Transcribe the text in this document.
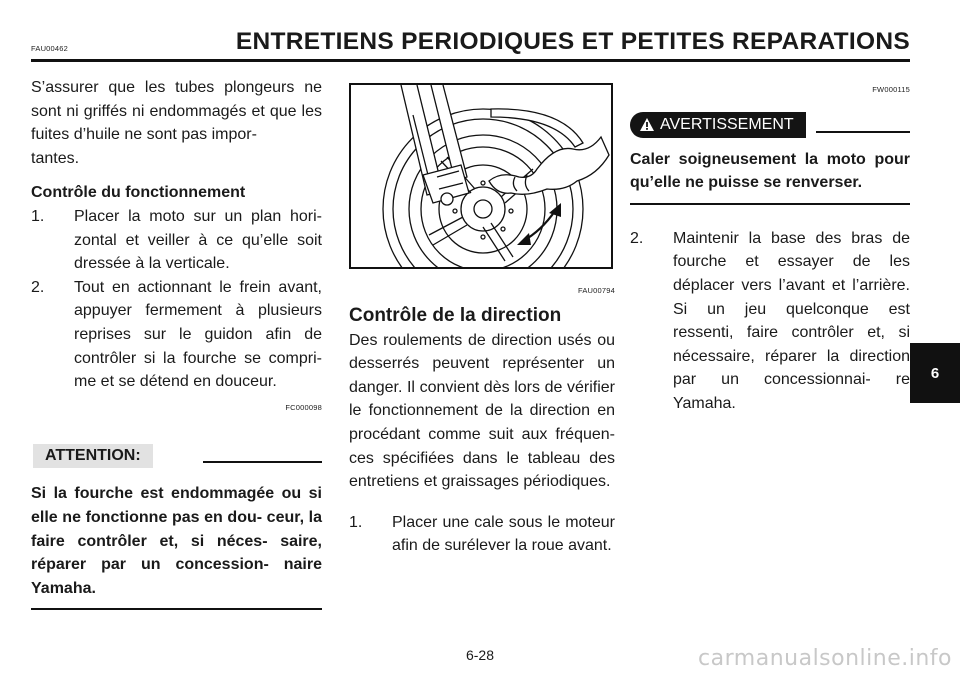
FAU00462	ENTRETIENS PERIODIQUES ET PETITES REPARATIONS

S’assurer que les tubes plongeurs ne sont ni griffés ni endommagés et que les fuites d’huile ne sont pas impor-
tantes.

Contrôle du fonctionnement

1. Placer la moto sur un plan hori- zontal et veiller à ce qu’elle soit dressée à la verticale.
2. Tout en actionnant le frein avant, appuyer fermement à plusieurs reprises sur le guidon afin de contrôler si la fourche se compri- me et se détend en douceur.
FC000098
ATTENTION:

Si la fourche est endommagée ou si elle ne fonctionne pas en dou- ceur, la faire contrôler et, si néces- saire, réparer par un concession- naire Yamaha.

FAU00794

Contrôle de la direction

Des roulements de direction usés ou desserrés peuvent représenter un danger. Il convient dès lors de vérifier le fonctionnement de la direction en procédant comme suit aux fréquen- ces spécifiées dans le tableau des entretiens et graissages périodiques.

1. Placer une cale sous le moteur afin de surélever la roue avant.
FW000115
AVERTISSEMENT

Caler soigneusement la moto pour qu’elle ne puisse se renverser.

2. Maintenir la base des bras de fourche et essayer de les déplacer vers l’avant et l’arrière. Si un jeu quelconque est ressenti, faire contrôler et, si nécessaire, réparer la direction par un concessionnai- re Yamaha.
6
6-28	carmanualsonline.info
